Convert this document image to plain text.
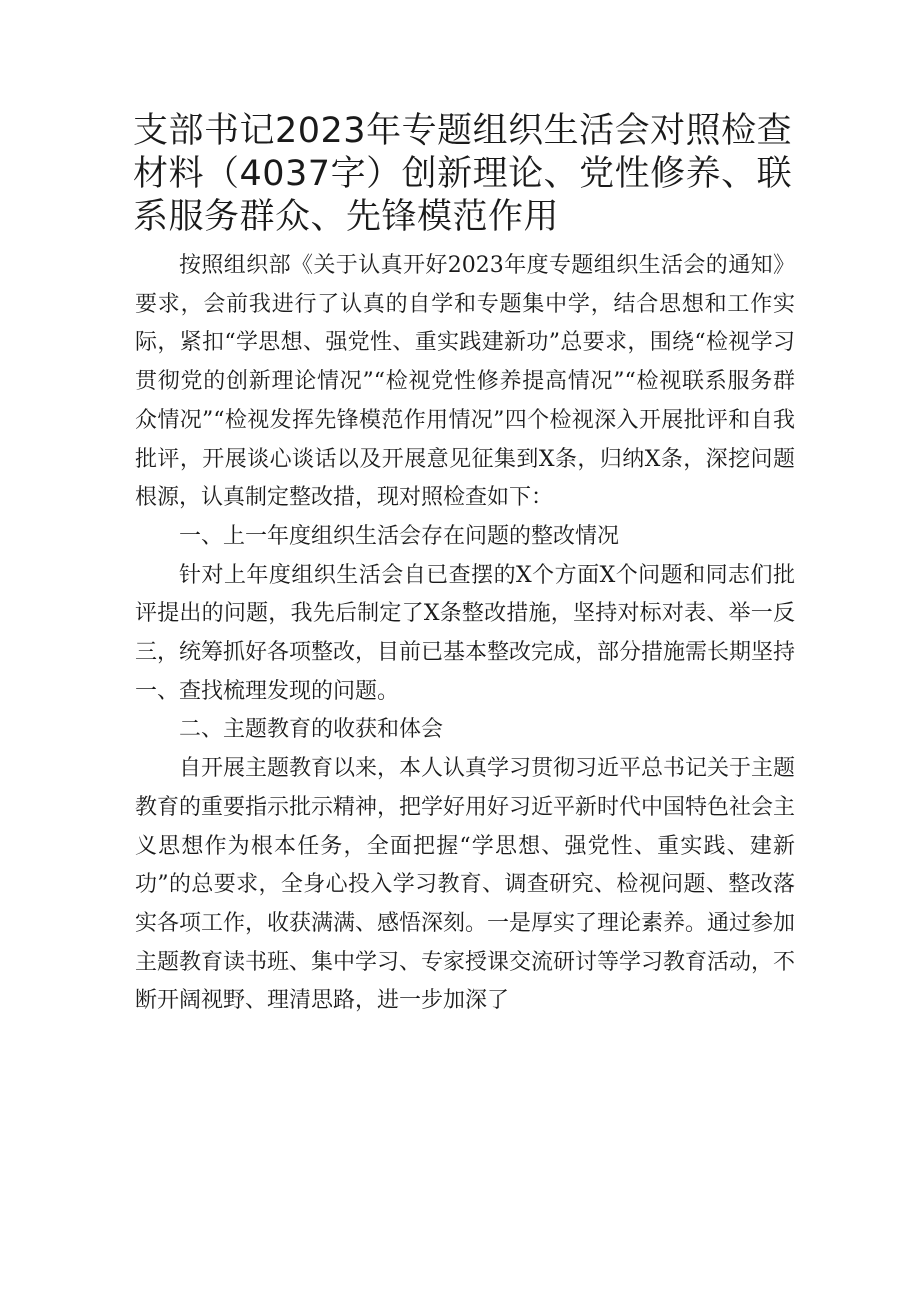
支部书记2023年专题组织生活会对照检查材料（4037字）创新理论、党性修养、联系服务群众、先锋模范作用

按照组织部《关于认真开好2023年度专题组织生活会的通知》要求，会前我进行了认真的自学和专题集中学，结合思想和工作实际，紧扣“学思想、强党性、重实践建新功”总要求，围绕“检视学习贯彻党的创新理论情况”“检视党性修养提高情况”“检视联系服务群众情况”“检视发挥先锋模范作用情况”四个检视深入开展批评和自我批评，开展谈心谈话以及开展意见征集到X条，归纳X条，深挖问题根源，认真制定整改措，现对照检查如下：

一、上一年度组织生活会存在问题的整改情况

针对上年度组织生活会自已查摆的X个方面X个问题和同志们批评提出的问题，我先后制定了X条整改措施，坚持对标对表、举一反三，统筹抓好各项整改，目前已基本整改完成，部分措施需长期坚持一、查找梳理发现的问题。

二、主题教育的收获和体会

自开展主题教育以来，本人认真学习贯彻习近平总书记关于主题教育的重要指示批示精神，把学好用好习近平新时代中国特色社会主义思想作为根本任务，全面把握“学思想、强党性、重实践、建新功”的总要求，全身心投入学习教育、调查研究、检视问题、整改落实各项工作，收获满满、感悟深刻。一是厚实了理论素养。通过参加主题教育读书班、集中学习、专家授课交流研讨等学习教育活动，不断开阔视野、理清思路，进一步加深了
